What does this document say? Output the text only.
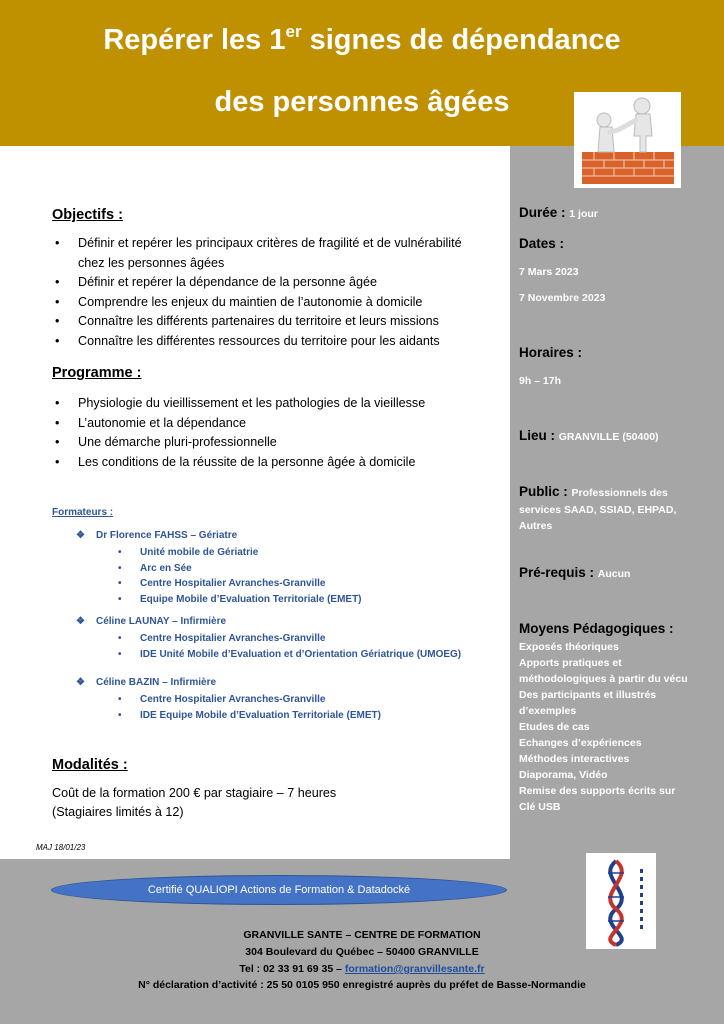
Repérer les 1er signes de dépendance
des personnes âgées
Objectifs :
• Définir et repérer les principaux critères de fragilité et de vulnérabilité
chez les personnes âgées
• Définir et repérer la dépendance de la personne âgée
• Comprendre les enjeux du maintien de l’autonomie à domicile
• Connaître les différents partenaires du territoire et leurs missions
• Connaître les différentes ressources du territoire pour les aidants
Programme :
• Physiologie du vieillissement et les pathologies de la vieillesse
• L’autonomie et la dépendance
• Une démarche pluri-professionnelle
• Les conditions de la réussite de la personne âgée à domicile
Formateurs :
❖ Dr Florence FAHSS – Gériatre
• Unité mobile de Gériatrie
• Arc en Sée
• Centre Hospitalier Avranches-Granville
• Equipe Mobile d’Evaluation Territoriale (EMET)
❖ Céline LAUNAY – Infirmière
• Centre Hospitalier Avranches-Granville
• IDE Unité Mobile d’Evaluation et d’Orientation Gériatrique (UMOEG)
❖ Céline BAZIN – Infirmière
• Centre Hospitalier Avranches-Granville
• IDE Equipe Mobile d’Evaluation Territoriale (EMET)
Modalités :
Coût de la formation 200 € par stagiaire – 7 heures
(Stagiaires limités à 12)
MAJ 18/01/23
Durée : 1 jour
Dates :
7 Mars 2023
7 Novembre 2023
Horaires :
9h – 17h
Lieu : GRANVILLE (50400)
Public : Professionnels des
services SAAD, SSIAD, EHPAD,
Autres
Pré-requis : Aucun
Moyens Pédagogiques :
Exposés théoriques
Apports pratiques et
méthodologiques à partir du vécu
Des participants et illustrés
d’exemples
Etudes de cas
Echanges d’expériences
Méthodes interactives
Diaporama, Vidéo
Remise des supports écrits sur
Clé USB
Certifié QUALIOPI Actions de Formation & Datadocké
GRANVILLE SANTE – CENTRE DE FORMATION
304 Boulevard du Québec – 50400 GRANVILLE
Tel : 02 33 91 69 35 – formation@granvillesante.fr
N° déclaration d’activité : 25 50 0105 950 enregistré auprès du préfet de Basse-Normandie
